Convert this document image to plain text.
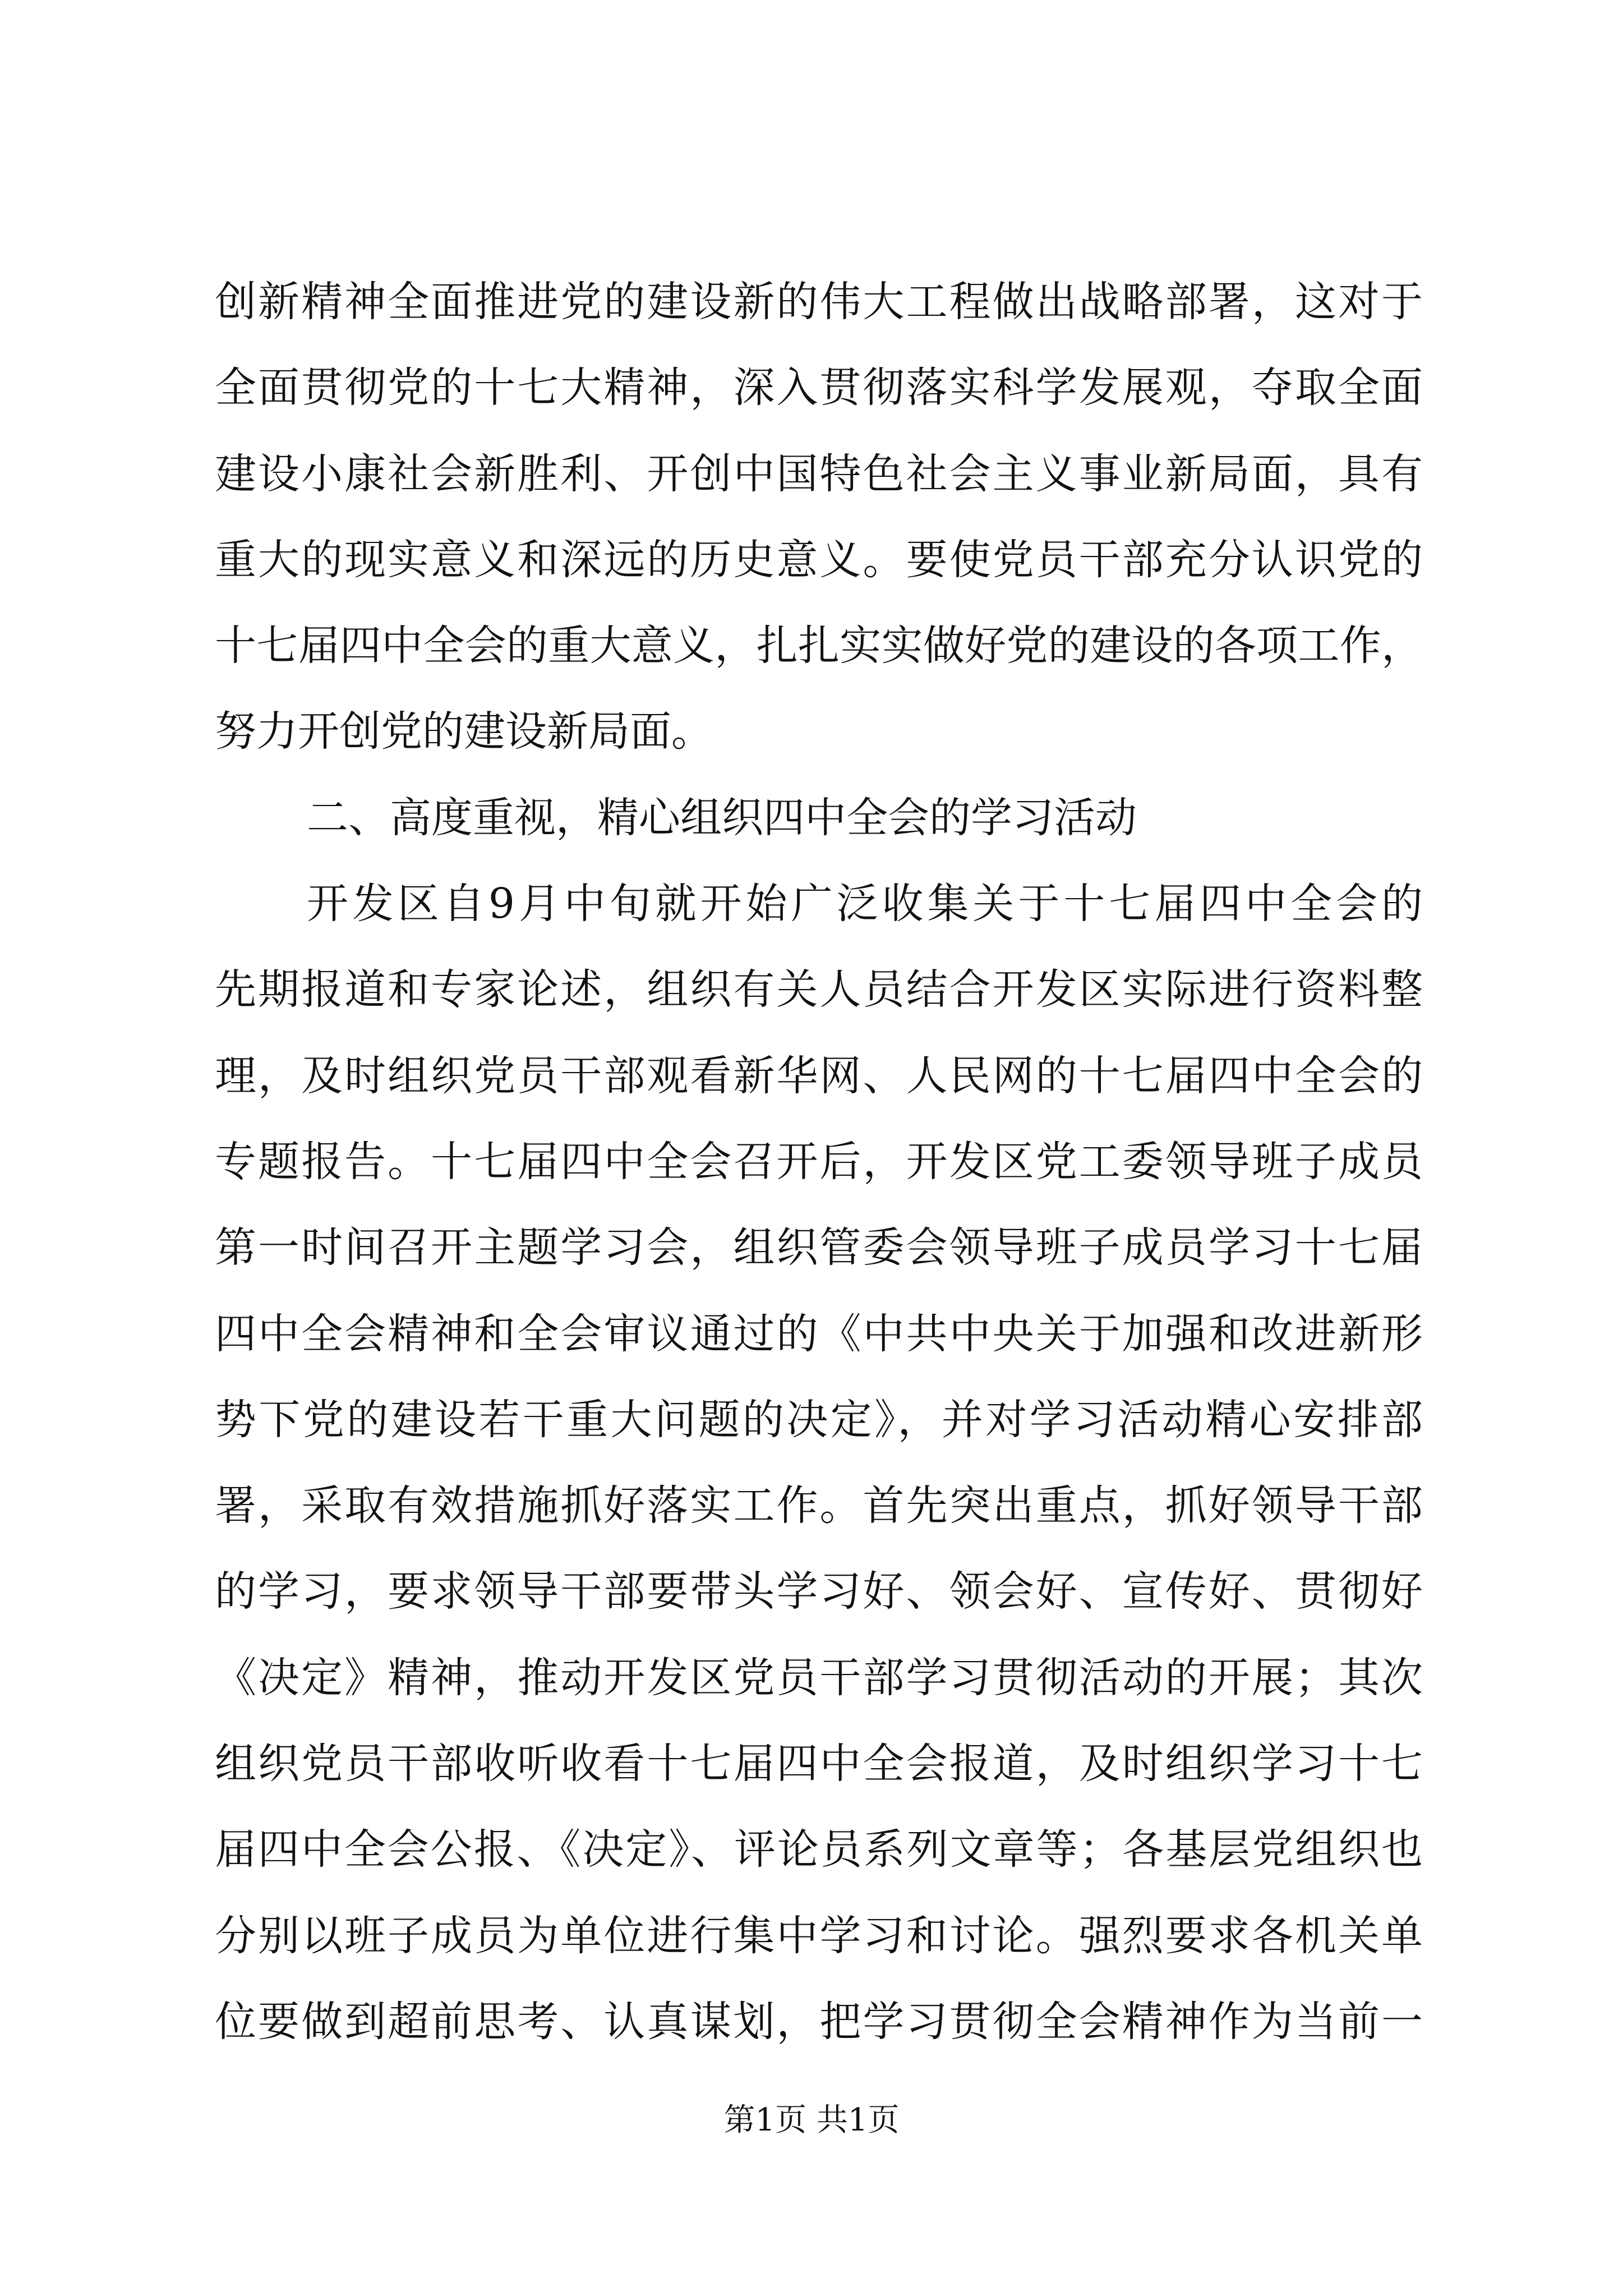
创新精神全面推进党的建设新的伟大工程做出战略部署，这对于
全面贯彻党的十七大精神，深入贯彻落实科学发展观，夺取全面
建设小康社会新胜利、开创中国特色社会主义事业新局面，具有
重大的现实意义和深远的历史意义。要使党员干部充分认识党的
十七届四中全会的重大意义，扎扎实实做好党的建设的各项工作，
努力开创党的建设新局面。
二、高度重视，精心组织四中全会的学习活动
开发区自9月中旬就开始广泛收集关于十七届四中全会的
先期报道和专家论述，组织有关人员结合开发区实际进行资料整
理，及时组织党员干部观看新华网、人民网的十七届四中全会的
专题报告。十七届四中全会召开后，开发区党工委领导班子成员
第一时间召开主题学习会，组织管委会领导班子成员学习十七届
四中全会精神和全会审议通过的《中共中央关于加强和改进新形
势下党的建设若干重大问题的决定》，并对学习活动精心安排部
署，采取有效措施抓好落实工作。首先突出重点，抓好领导干部
的学习，要求领导干部要带头学习好、领会好、宣传好、贯彻好
《决定》精神，推动开发区党员干部学习贯彻活动的开展；其次
组织党员干部收听收看十七届四中全会报道，及时组织学习十七
届四中全会公报、《决定》、评论员系列文章等；各基层党组织也
分别以班子成员为单位进行集中学习和讨论。强烈要求各机关单
位要做到超前思考、认真谋划，把学习贯彻全会精神作为当前一
第1页 共1页
